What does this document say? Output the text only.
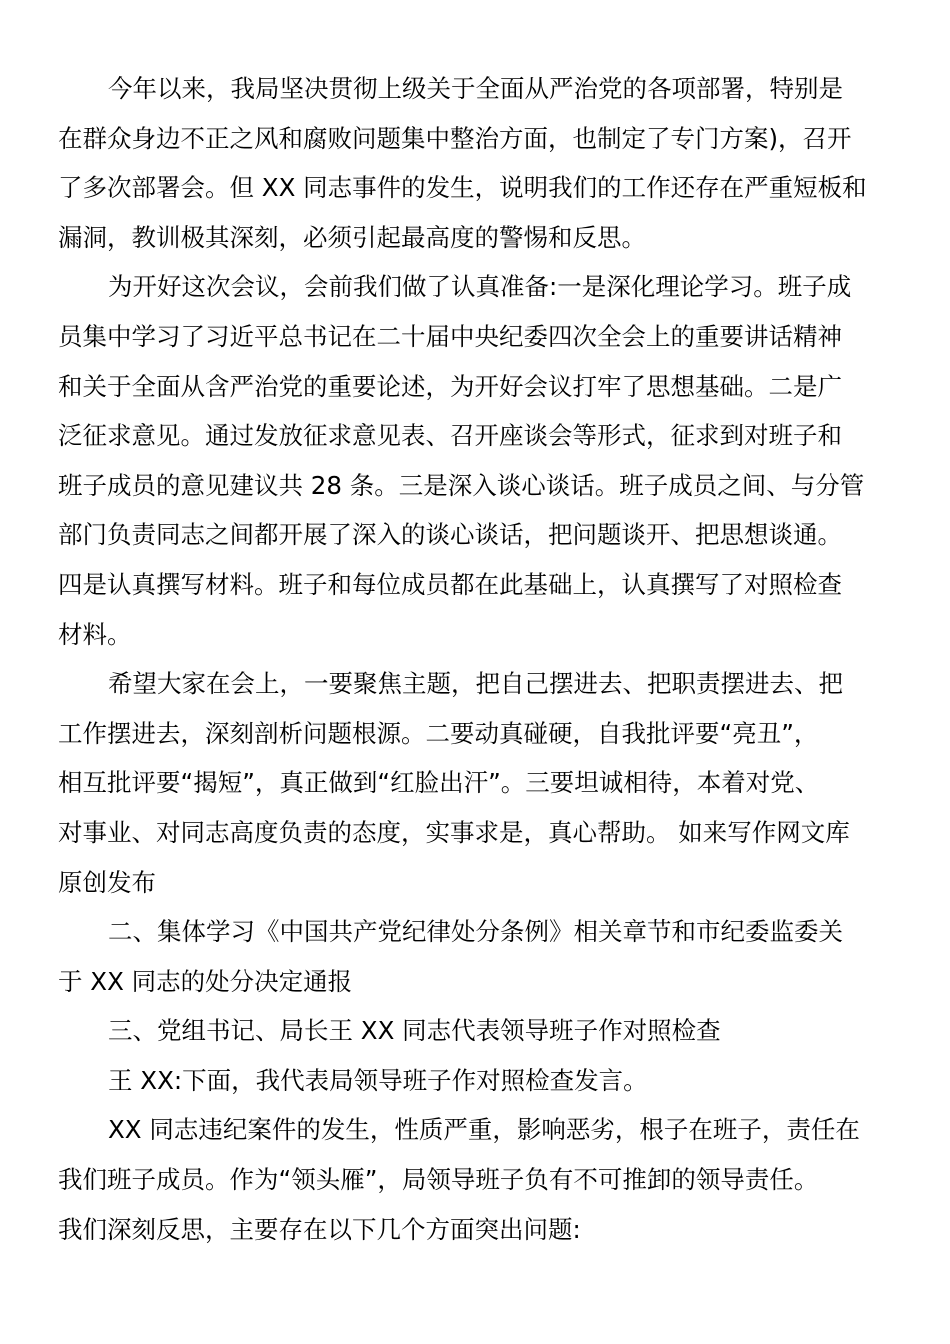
今年以来，我局坚决贯彻上级关于全面从严治党的各项部署，特别是
在群众身边不正之风和腐败问题集中整治方面，也制定了专门方案)，召开
了多次部署会。但 XX 同志事件的发生，说明我们的工作还存在严重短板和
漏洞，教训极其深刻，必须引起最高度的警惕和反思。
为开好这次会议，会前我们做了认真准备:一是深化理论学习。班子成
员集中学习了习近平总书记在二十届中央纪委四次全会上的重要讲话精神
和关于全面从含严治党的重要论述，为开好会议打牢了思想基础。二是广
泛征求意见。通过发放征求意见表、召开座谈会等形式，征求到对班子和
班子成员的意见建议共 28 条。三是深入谈心谈话。班子成员之间、与分管
部门负责同志之间都开展了深入的谈心谈话，把问题谈开、把思想谈通。
四是认真撰写材料。班子和每位成员都在此基础上，认真撰写了对照检查
材料。
希望大家在会上，一要聚焦主题，把自己摆进去、把职责摆进去、把
工作摆进去，深刻剖析问题根源。二要动真碰硬，自我批评要“亮丑”，
相互批评要“揭短”，真正做到“红脸出汗”。三要坦诚相待，本着对党、
对事业、对同志高度负责的态度，实事求是，真心帮助。 如来写作网文库
原创发布
二、集体学习《中国共产党纪律处分条例》相关章节和市纪委监委关
于 XX 同志的处分决定通报
三、党组书记、局长王 XX 同志代表领导班子作对照检查
王 XX:下面，我代表局领导班子作对照检查发言。
XX 同志违纪案件的发生，性质严重，影响恶劣，根子在班子，责任在
我们班子成员。作为“领头雁”，局领导班子负有不可推卸的领导责任。
我们深刻反思，主要存在以下几个方面突出问题:
